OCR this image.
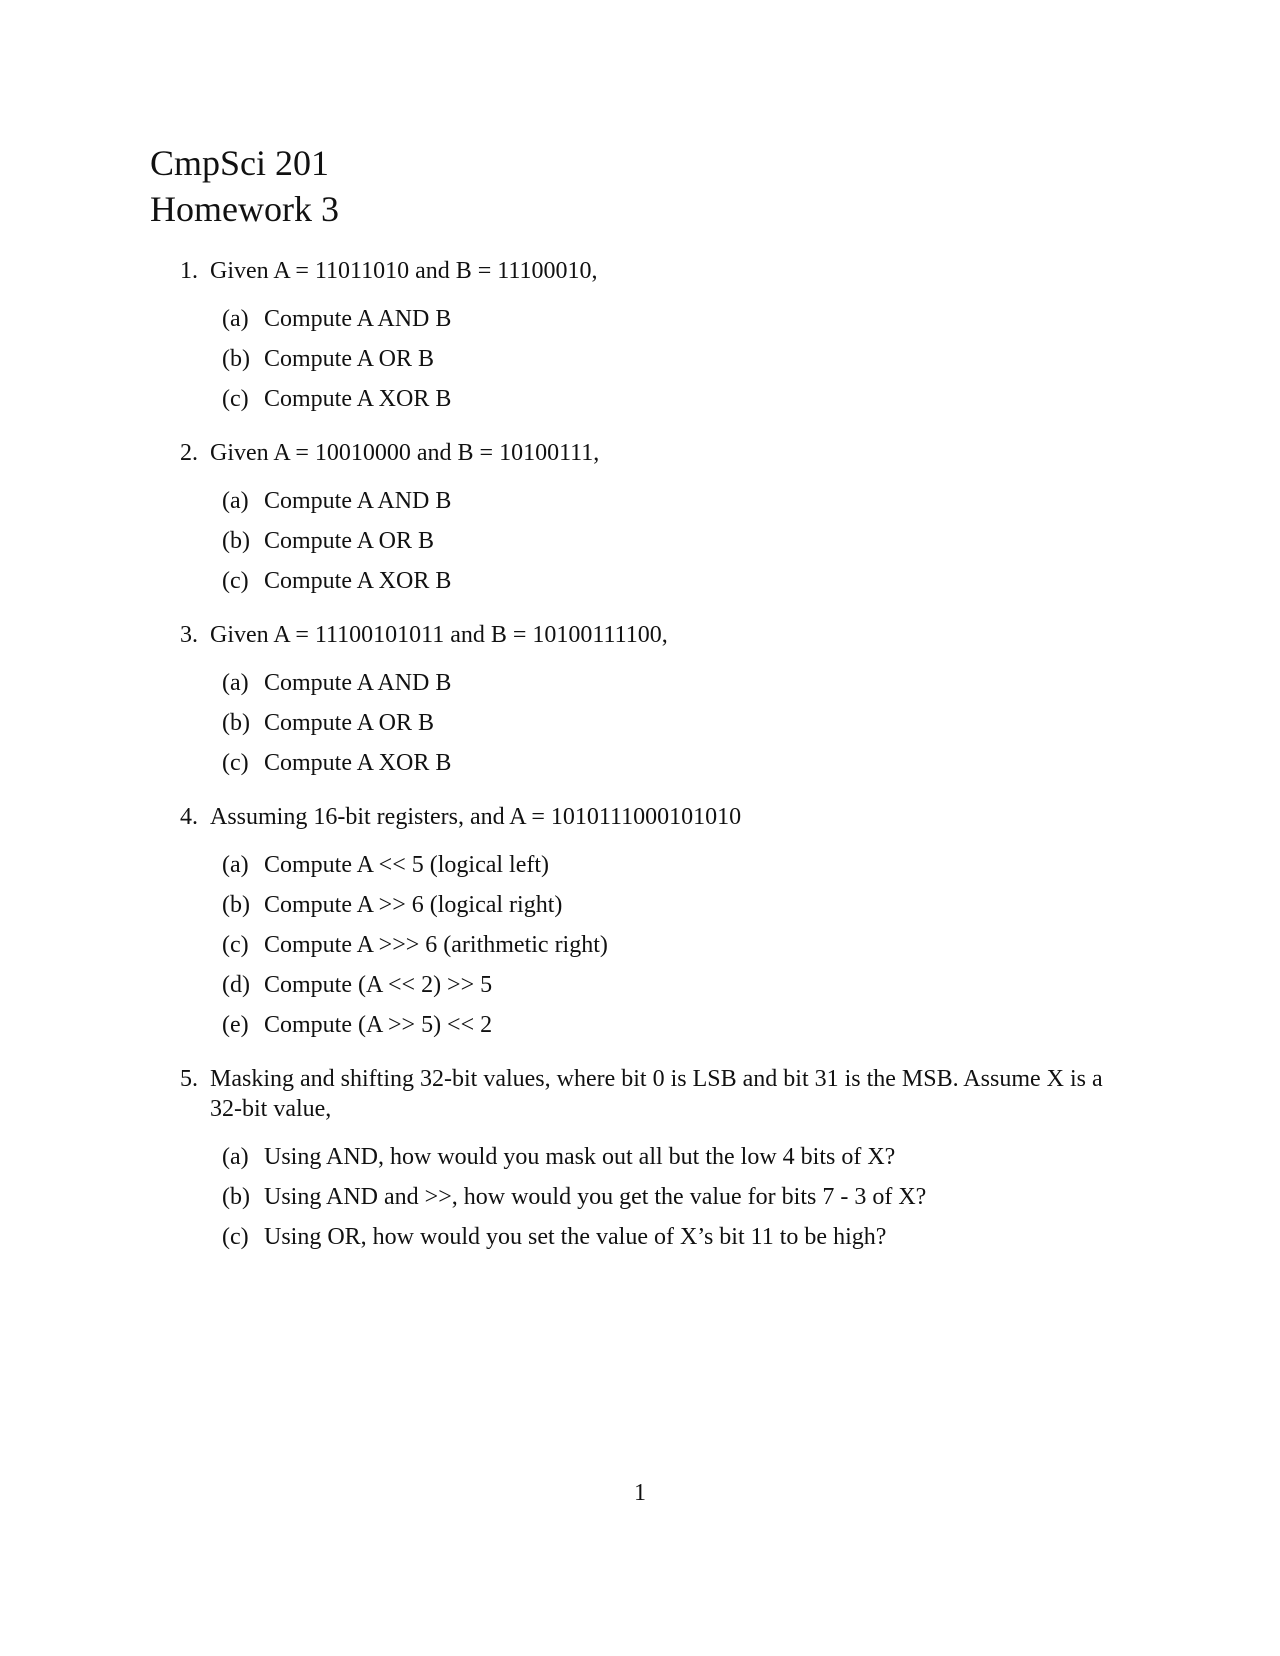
CmpSci 201
Homework 3
1. Given A = 11011010 and B = 11100010,
(a) Compute A AND B
(b) Compute A OR B
(c) Compute A XOR B
2. Given A = 10010000 and B = 10100111,
(a) Compute A AND B
(b) Compute A OR B
(c) Compute A XOR B
3. Given A = 11100101011 and B = 10100111100,
(a) Compute A AND B
(b) Compute A OR B
(c) Compute A XOR B
4. Assuming 16-bit registers, and A = 1010111000101010
(a) Compute A << 5 (logical left)
(b) Compute A >> 6 (logical right)
(c) Compute A >>> 6 (arithmetic right)
(d) Compute (A << 2) >> 5
(e) Compute (A >> 5) << 2
5. Masking and shifting 32-bit values, where bit 0 is LSB and bit 31 is the MSB. Assume X is a 32-bit value,
(a) Using AND, how would you mask out all but the low 4 bits of X?
(b) Using AND and >>, how would you get the value for bits 7 - 3 of X?
(c) Using OR, how would you set the value of X’s bit 11 to be high?
1
